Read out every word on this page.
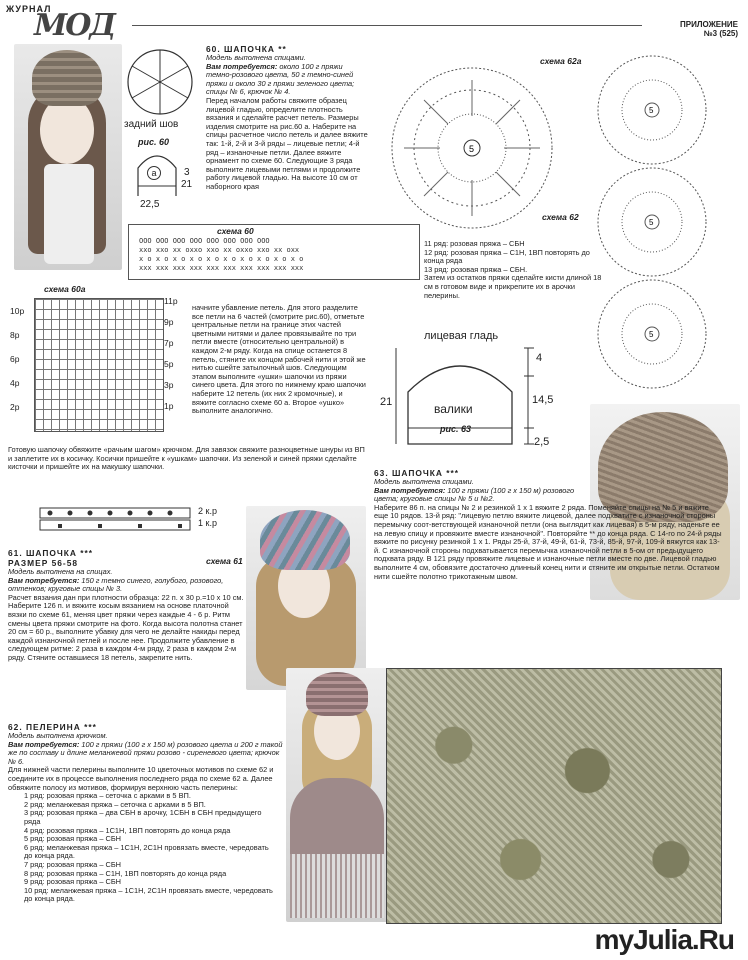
ЖУРНАЛ
МОД	ПРИЛОЖЕНИЕ
№3 (525)
задний шов
рис. 60
а	3
21
22,5
60. ШАПОЧКА **
Модель выполнена спицами.
Вам потребуется: около 100 г пряжи темно-розового цвета, 50 г темно-синей пряжи и около 30 г пряжи зеленого цвета; спицы № 6, крючок № 4.
Перед началом работы свяжите образец лицевой гладью, определите плотность вязания и сделайте расчет петель. Размеры изделия смотрите на рис.60 а. Наберите на спицы расчетное число петель и далее вяжите так: 1-й, 2-й и 3-й ряды – лицевые петли; 4-й ряд – изнаночные петли. Далее вяжите орнамент по схеме 60. Следующие 3 ряда выполните лицевыми петлями и продолжите работу лицевой гладью. На высоте 10 см от наборного края
схема 62а
5
5
5
5
схема 62
схема 60
OOO OOO OOO OOO OOO OOO OOO OOO
xxo xxo xx oxxo xxo xx oxxo xxo xx oxx
x o x o x o x o x o x o x o x o x o x o
xxx xxx xxx xxx xxx xxx xxx xxx xxx xxx
11 ряд: розовая пряжа – СБН
12 ряд: розовая пряжа – С1Н, 1ВП повторять до конца ряда
13 ряд: розовая пряжа – СБН.
Затем из остатков пряжи сделайте кисти длиной 18 см в готовом виде и прикрепите их в арочки пелерины.
схема 60а
10р
8р
6р
4р
2р
11р
9р
7р
5р
3р
1р
начните убавление петель. Для этого разделите все петли на 6 частей (смотрите рис.60), отметьте центральные петли на границе этих частей цветными нитями и далее провязывайте по три петли вместе (относительно центральной) в каждом 2-м ряду. Когда на спице останется 8 петель, стяните их концом рабочей нити и этой же нитью сшейте затылочный шов. Следующим этапом выполните «ушки» шапочки из пряжи синего цвета. Для этого по нижнему краю шапочки наберите 12 петель (их них 2 кромочные), и вяжите согласно схеме 60 а. Второе «ушко» выполните аналогично.
лицевая гладь
валики
рис. 63
4
14,5
2,5
21
Готовую шапочку обвяжите «рачьим шагом» крючком. Для завязок свяжите разноцветные шнуры из ВП и заплетите их в косичку. Косички пришейте к «ушкам» шапочки. Из зеленой и синей пряжи сделайте кисточки и пришейте их на макушку шапочки.
2 к.р
1 к.р
61. ШАПОЧКА ***
РАЗМЕР 56-58
Модель выполнена на спицах.
Вам потребуется: 150 г темно синего, голубого, розового, оттенков; круговые спицы № 3.
Расчет вязания дан при плотности образца: 22 п. х 30 р.=10 х 10 см. Наберите 126 п. и вяжите косым вязанием на основе платочной вязки по схеме 61, меняя цвет пряжи через каждые 4 - 6 р. Ритм смены цвета пряжи смотрите на фото. Когда высота полотна станет 20 см = 60 р., выполните убавку для чего не делайте накиды перед каждой изнаночной петлей и после нее. Продолжите убавление в следующем ритме: 2 раза в каждом 4-м ряду, 2 раза в каждом 2-м ряду. Стяните оставшиеся 18 петель, закрепите нить.
схема 61
63. ШАПОЧКА ***
Модель выполнена спицами.
Вам потребуется: 100 г пряжи (100 г х 150 м) розового цвета; круговые спицы № 5 и №2.
Наберите 86 п. на спицы № 2 и резинкой 1 х 1 вяжите 2 ряда. Поменяйте спицы на № 5 и вяжите еще 10 рядов. 13-й ряд: "лицевую петлю вяжите лицевой, далее подхватите с изнаночной стороны перемычку соот-ветствующей изнаночной петли (она выглядит как лицевая) в 5-м ряду, наденьте ее на левую спицу и провяжите вместе изнаночной". Повторяйте ** до конца ряда. С 14-го по 24-й ряды вяжите по рисунку резинкой 1 х 1. Ряды 25-й, 37-й, 49-й, 61-й, 73-й, 85-й, 97-й, 109-й вяжутся как 13-й. С изнаночной стороны подхватывается перемычка изнаночной петли в 5-ом от предыдущего подхвата ряду. В 121 ряду провяжите лицевые и изнаночные петли вместе по две. Лицевой гладью выполните 4 см, обовязите достаточно длинный конец нити и стяните им открытые петли. Остатком нити сшейте полотно трикотажным швом.
62. ПЕЛЕРИНА ***
Модель выполнена крючком.
Вам потребуется: 100 г пряжи (100 г х 150 м) розового цвета и 200 г такой же по составу и длине меланжевой пряжи розово - сиреневого цвета; крючок № 6.
Для нижней части пелерины выполните 10 цветочных мотивов по схеме 62 и соедините их в процессе выполнения последнего ряда по схеме 62 а. Далее обвяжите полосу из мотивов, формируя верхнюю часть пелерины:
1 ряд: розовая пряжа – сеточка с арками в 5 ВП.
2 ряд: меланжевая пряжа – сеточка с арками в 5 ВП.
3 ряд: розовая пряжа – два СБН в арочку, 1СБН в СБН предыдущего ряда
4 ряд: розовая пряжа – 1С1Н, 1ВП повторять до конца ряда
5 ряд: розовая пряжа – СБН
6 ряд: меланжевая пряжа – 1С1Н, 2С1Н провязать вместе, чередовать до конца ряда.
7 ряд: розовая пряжа – СБН
8 ряд: розовая пряжа – С1Н, 1ВП повторять до конца ряда
9 ряд: розовая пряжа – СБН
10 ряд: меланжевая пряжа – 1С1Н, 2С1Н провязать вместе, чередовать до конца ряда.
myJulia.Ru
